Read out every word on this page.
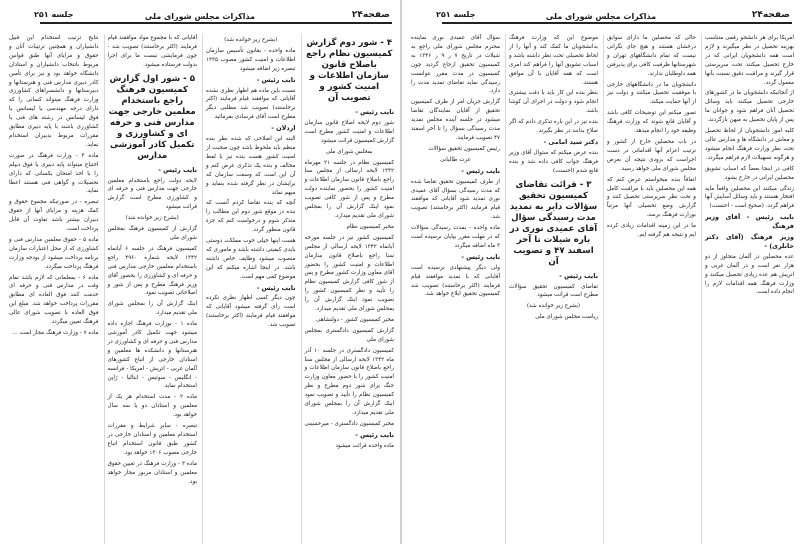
صفحه۲۴
مذاکرات مجلس شورای ملی
جلسه ۲۵۱

۴ - شور دوم گزارش کمیسیون نظام راجع باصلاح قانون سازمان اطلاعات و امنیت کشور و تصویب آن

نایب رئیس -

شور دوم لایحه اصلاح قانون سازمان اطلاعات و امنیت کشور مطرح است گزارش کمیسیون قرائت میشود

بمجلس شورای ملی

کمیسیون نظام در جلسه ۲۱ مهرماه ۱۳۴۲ لایحه ارسالی از مجلس سنا راجع باصلاح قانون سازمان اطلاعات و امنیت کشور را بحضور نماینده دولت مطرح و پس از شور کافی تصویب نمود اینک گزارش آن را بمجلس شورای ملی تقدیم میدارد.

مخبر کمیسیون نظام

کمیسیون کشور نیز در جلسه مورخه آبانماه ۱۳۴۲ لایحه ارسالی از مجلس سنا راجع باصلاح قانون سازمان اطلاعات و امنیت کشور را بحضور آقای معاون وزارت کشور مطرح و پس از شور کافی گزارش کمیسیون نظام را تأیید و نظر کمیسیون کشور را تصویب نمود اینک گزارش آن را بمجلس شورای ملی تقدیم میدارد.

مخبر کمیسیون کشور - دولتشاهی

گزارش کمیسیون دادگستری بمجلس شورای ملی

کمیسیون دادگستری در جلسه ۱۰ آذر ماه ۱۳۴۲ لایحه ارسالی از مجلس سنا راجع باصلاح قانون سازمان اطلاعات و امنیت کشور را با حضور معاون وزارت جنگ برای شور دوم مطرح و نظر کمیسیون نظام را تأیید و تصویب نمود اینک گزارش آن را بمجلس شورای ملی تقدیم میدارد.

مخبر کمیسیون دادگستری - میرحسینی

نایب رئیس -

ماده واحده قرائت میشود

(بشرح زیر خوانده شد)

ماده واحده - بقانون تأسیس سازمان اطلاعات و امنیت کشور مصوب ۱۳۳۵ تبصره زیر اضافه میشود

نایب رئیس -

نسبت باین ماده هم اظهار نظری نشده آقایانی که موافقند قیام فرمایند (اکثر برخاستند) تصویب شد مطلبی دیگر مطرح است آقای فرسادی بفرمائید

اردلان -

البته این اصلاحی که شده نظر بنده منظم باید ملحوظ باشد چون صحبت از امنیت کشور هست بنده نیز با لفظ مخالف و بنده یک تذکری عرض کنم و آن این است که وسعت سازمان که برایشان در نظر گرفته شده بنماید و مبهم نماند

آنچه که بنده تقاضا کردم آنست که بنده در موقع شور دوم این مطالب را متذکر شوم و درخواست کنم که جزء قانون منظور گردد.

هست اینها خیلی خوب مملکت دوستی بایدی کیفیتی داشته باشد و ماموری که منصوب میشود وظایف خاص داشته باشد. در اینجا اشاره میکنم که این موضوع کمی مهم است.

نایب رئیس -

چون دیگر کسی اظهار نظری نکرده است رأی گرفته میشود آقایانی که موافقند قیام فرمایند (اکثر برخاستند) تصویب شد.

آقایانی که با مجموع مواد موافقند قیام فرمایند (اکثر برخاستند) تصویب شد - چون فرمایشی نیست ما برای اجرا بدولت فرستاده میشود.

۵ - شور اول گزارش کمیسیون فرهنگ راجع باستخدام معلمین خارجی جهت مدارس فنی و حرفه ای و کشاورزی و تکمیل کادر آموزشی مدارس

نایب رئیس -

لایحه دولت راجع باستخدام معلمین خارجی جهت مدارس فنی و حرفه ای و کشاورزی مطرح است گزارش قرائت میشود

(بشرح زیر خوانده شد)

گزارش از کمیسیون فرهنگ بمجلس شورای ملی

کمیسیون فرهنگ در جلسه ۶ آبانماه ۱۳۴۲ لایحه شماره ۴۹۶۰ راجع باستخدام معلمین خارجی مدارس فنی و حرفه ای و کشاورزی را بحضور آقای وزیر فرهنگ مطرح و پس از شور و اصلاحاتی تصویب نمود.

اینک گزارش آن را بمجلس شورای ملی تقدیم میدارد.

ماده ۱ - بوزارت فرهنگ اجازه داده میشود جهت تکمیل کادر آموزشی مدارس فنی و حرفه ای و کشاورزی در هنرستانها و دانشکده ها معلمین و استادان خارجی از اتباع کشورهای آلمان غربی - اتریش - امریکا - فرانسه - انگلیس - سوئیس - ایتالیا - ژاپن استخدام نماید.

ماده ۲ - مدت استخدام هر یک از معلمین و استادان دو یا سه سال خواهد بود.

تبصره - سایر شرایط و مقررات استخدام معلمین و استادان خارجی در کشور طبق قانون استخدام اتباع خارجی مصوب ۱۳۰۶ خواهد بود.

ماده ۳ - وزارت فرهنگ در تعیین حقوق معلمین و استادان مزبور مجاز خواهد بود.

نتایج ترتیب استخدام این قبیل دانشیاران و همچنین ترتیبات آنان و حقوق و مزایای آنها طبق قوانین مربوط بانتخاب دانشیاران و استادان دانشگاه خواهد بود و نیز برای تأمین کادر دبیری مدارس فنی و هنرستانها و دبیرستانها و دانشسراهای کشاورزی وزارت فرهنگ میتواند کسانی را که دارای درجه مهندسی یا لیسانس یا فوق لیسانس در رشته های فنی یا کشاورزی باشند با پایه دبیری مطابق مقررات مربوط بدبیران استخدام نماید.

ماده ۴ - وزارت فرهنگ در صورت احتیاج میتواند پایه دبیری یا فوق دیپلم را با اخذ امتحان بکسانی که دارای تحصیلات و گواهی فنی هستند اعطا نماید.

تبصره - در صورتیکه مجموع حقوق و کمک هزینه و مزایای آنها از حقوق دبیران بیشتر باشد تفاوت آن قابل پرداخت است.

ماده ۵ - حقوق معلمین مدارس فنی و کشاورزی که از محل اعتبارات سازمان برنامه پرداخت میشود از بودجه وزارت فرهنگ پرداخت میگردد.

ماده ۶ - بمعلمانی که لازم باشد تمام وقت در مدارس فنی و حرفه ای خدمت کنند فوق العاده ای مطابق مقررات پرداخت خواهد شد. مبلغ این فوق العاده با تصویب شورای عالی فرهنگ تعیین میگردد.

ماده ۷ - وزارت فرهنگ مجاز است ...

صفحه۲۴
مذاکرات مجلس شورای ملی
جلسه ۲۵۱

امریکا برای هر دانشجو رقمی متناسب بهزینه تحصیل در نظر میگیرند و لازم است همه دانشجویان ایرانی که در خارج تحصیل میکنند تحت سرپرستی قرار گیرند و مراقبت دقیق نسبت بآنها معمول گردد.

از آنجائیکه دانشجویان ما در کشورهای خارجی تحصیل میکنند باید وسائل تحصیل آنان فراهم شود و جوانان ما پس از پایان تحصیل به میهن بازگردند.

کلیه امور دانشجویان از لحاظ تحصیل و معاش در دانشگاه ها و مدارس عالی تحت نظر وزارت فرهنگ انجام میشود و هرگونه تسهیلات لازم فراهم میگردد.

کافی در اینجا بعضاً که اسباب تشویق محصلین ایرانی در خارج بشود.

زندگی میکنند این محصلین واقعاً مایه افتخار هستند و باید وسائل آسایش آنها فراهم گردد. (صحیح است - احسنت)

نایب رئیس - آقای وزیر فرهنگ

وزیر فرهنگ (آقای دکتر خانلری) -

عده محصلین در آلمان متجاوز از دو هزار نفر است و در آلمان غربی و اتریش هم عده زیادی تحصیل میکنند و وزارت فرهنگ همه اقدامات لازم را انجام داده است.

حالی که محصلین ما دارای سوابق درخشان هستند و هیچ جای نگرانی نیست که تمام دانشگاههای تهران و شهرستانها ظرفیت کافی برای پذیرفتن همه داوطلبان ندارند.

دانشجویان ما در دانشگاههای خارجی با موفقیت تحصیل میکنند و دولت نیز از آنها حمایت میکند.

تصور میکنم این توضیحات کافی باشد و آقایان قانع شوند که وزارت فرهنگ وظیفه خود را انجام میدهد.

در باب محصلین خارج از کشور و ترتیب اعزام آنها اقداماتی در دست اجراست که بزودی نتیجه آن بعرض مجلس شورای ملی خواهد رسید.

اتفاقاً بنده میخواستم عرض کنم که همه این محصلین باید با مراقبت کامل و تحت نظر سرپرستی تحصیل کنند و گزارش وضع تحصیلی آنها مرتباً بوزارت فرهنگ برسد.

ما در این زمینه اقدامات زیادی کرده ایم و نتیجه هم گرفته ایم.

موضوع این که وزارت فرهنگ بدانشجویان ما کمک کند و آنها را از لحاظ تحصیلی تحت نظر داشته باشد و اسباب تشویق آنها را فراهم کند امری است که همه آقایان با آن موافق هستند.

بنظر بنده این کار باید با دقت بیشتری انجام شود و دولت در اجرای آن کوشا باشد.

بنده نیز در این باره تذکری دادم که اگر صلاح بدانند در نظر بگیرند.

دکتر سید امامی -

بنده عرض میکنم که سئوال آقای وزیر فرهنگ جواب کافی داده شد و بنده قانع شدم (احسنت)

۳ - قرائت تقاضای کمیسیون تحقیق سؤالات دایر به تمدید مدت رسیدگی سؤال آقای عمیدی نوری در باره شیلات تا آخر اسفند ۴۷ و تصویب آن

نایب رئیس -

تقاضای کمیسیون تحقیق سؤالات مطرح است قرائت میشود

(بشرح زیر خوانده شد)

ریاست مجلس شورای ملی

سؤال آقای عمیدی نوری نماینده محترم مجلس شورای ملی راجع به شیلات در تاریخ ۷ ر ۹ ر ۱۳۴۶ به کمیسیون تحقیق ارجاع گردید چون کمیسیون در مدت مقرر نتوانست رسیدگی نماید تقاضای تمدید مدت را دارد.

گزارش جریان امر از طرف کمیسیون تحقیق از آقایان نمایندگان تقاضا میشود در جلسه آینده مجلس تمدید مدت رسیدگی بسؤال را تا آخر اسفند ۴۷ تصویب فرمایند.

رئیس کمیسیون تحقیق سؤالات

عزت طالبانی

نایب رئیس -

از طرف کمیسیون تحقیق تقاضا شده که مدت رسیدگی بسؤال آقای عمیدی نوری تمدید شود آقایانی که موافقند قیام فرمایند (اکثر برخاستند) تصویب شد.

ماده واحده - بمدت رسیدگی سؤالات که در مهلت مقرر بپایان نرسیده است ۳ ماه اضافه میگردد

نایب رئیس -

ولی دیگر پیشنهادی نرسیده است آقایانی که با تمدید موافقند قیام فرمایند (اکثر برخاستند) تصویب شد کمیسیون تحقیق ابلاغ خواهد شد.
